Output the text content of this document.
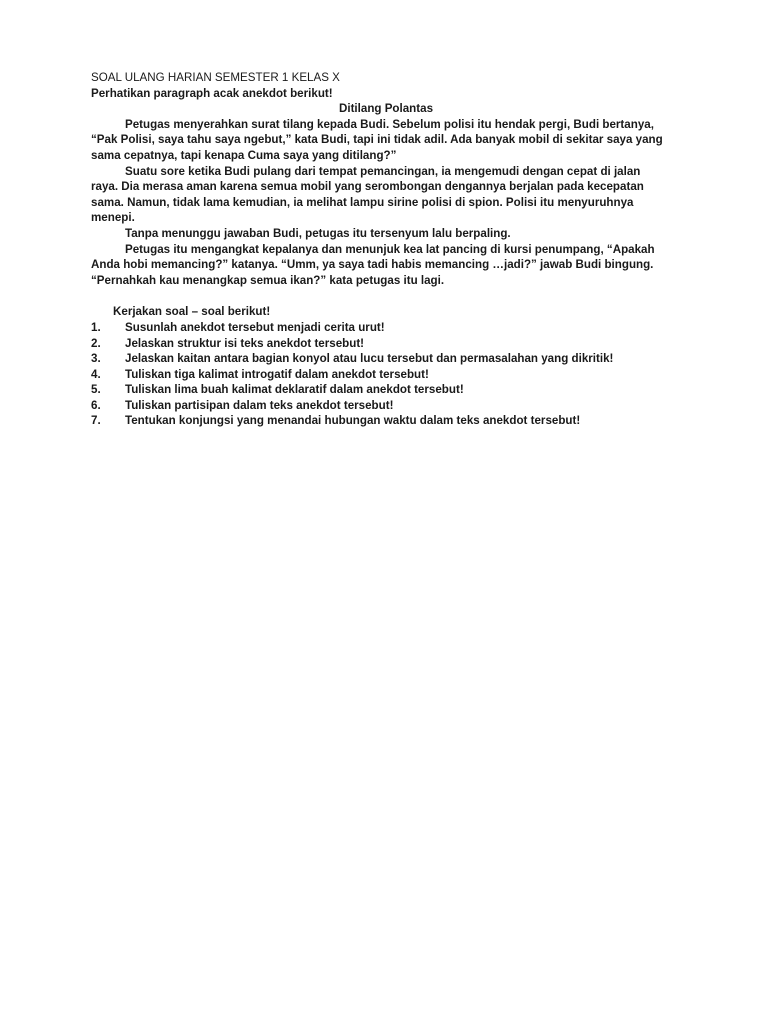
SOAL ULANG HARIAN SEMESTER 1 KELAS X

Perhatikan paragraph acak anekdot berikut!

Ditilang Polantas

Petugas menyerahkan surat tilang kepada Budi. Sebelum polisi itu hendak pergi, Budi bertanya,

“Pak Polisi, saya tahu saya ngebut,” kata Budi, tapi ini tidak adil. Ada banyak mobil di sekitar saya yang

sama cepatnya, tapi kenapa Cuma saya yang ditilang?”

Suatu sore ketika Budi pulang dari tempat pemancingan, ia mengemudi dengan cepat di jalan

raya. Dia merasa aman karena semua mobil yang serombongan dengannya berjalan pada kecepatan

sama. Namun, tidak lama kemudian, ia melihat lampu sirine polisi di spion. Polisi itu menyuruhnya

menepi.

Tanpa menunggu jawaban Budi, petugas itu tersenyum lalu berpaling.

Petugas itu mengangkat kepalanya dan menunjuk kea lat pancing di kursi penumpang, “Apakah

Anda hobi memancing?” katanya. “Umm, ya saya tadi habis memancing …jadi?” jawab Budi bingung.

“Pernahkah kau menangkap semua ikan?” kata petugas itu lagi.

Kerjakan soal – soal berikut!

1.	Susunlah anekdot tersebut menjadi cerita urut!
2.	Jelaskan struktur isi teks anekdot tersebut!
3.	Jelaskan kaitan antara bagian konyol atau lucu tersebut dan permasalahan yang dikritik!
4.	Tuliskan tiga kalimat introgatif dalam anekdot tersebut!
5.	Tuliskan lima buah kalimat deklaratif dalam anekdot tersebut!
6.	Tuliskan partisipan dalam teks anekdot tersebut!
7.	Tentukan konjungsi yang menandai hubungan waktu dalam teks anekdot tersebut!
